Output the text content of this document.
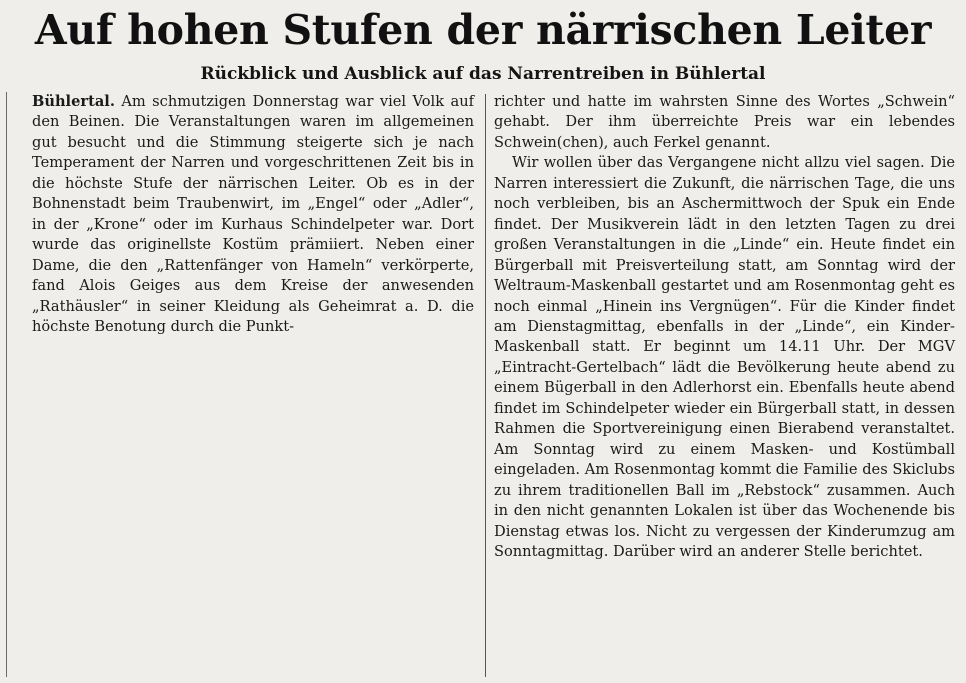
Auf hohen Stufen der närrischen Leiter
Rückblick und Ausblick auf das Narrentreiben in Bühlertal

Bühlertal. Am schmutzigen Donnerstag war viel Volk auf den Beinen. Die Veranstaltungen waren im allgemeinen gut besucht und die Stimmung steigerte sich je nach Temperament der Narren und vorgeschrittenen Zeit bis in die höchste Stufe der närrischen Leiter. Ob es in der Bohnenstadt beim Traubenwirt, im „Engel“ oder „Adler“, in der „Krone“ oder im Kurhaus Schindelpeter war. Dort wurde das originellste Kostüm prämiiert. Neben einer Dame, die den „Rattenfänger von Hameln“ verkörperte, fand Alois Geiges aus dem Kreise der anwesenden „Rathäusler“ in seiner Kleidung als Geheimrat a. D. die höchste Benotung durch die Punkt-

richter und hatte im wahrsten Sinne des Wortes „Schwein“ gehabt. Der ihm überreichte Preis war ein lebendes Schwein(chen), auch Ferkel genannt.

Wir wollen über das Vergangene nicht allzu viel sagen. Die Narren interessiert die Zukunft, die närrischen Tage, die uns noch verbleiben, bis an Aschermittwoch der Spuk ein Ende findet. Der Musikverein lädt in den letzten Tagen zu drei großen Veranstaltungen in die „Linde“ ein. Heute findet ein Bürgerball mit Preisverteilung statt, am Sonntag wird der Weltraum-Maskenball gestartet und am Rosenmontag geht es noch einmal „Hinein ins Vergnügen“. Für die Kinder findet am Dienstagmittag, ebenfalls in der „Linde“, ein Kinder-Maskenball statt. Er beginnt um 14.11 Uhr. Der MGV „Eintracht-Gertelbach“ lädt die Bevölkerung heute abend zu einem Bügerball in den Adlerhorst ein. Ebenfalls heute abend findet im Schindelpeter wieder ein Bürgerball statt, in dessen Rahmen die Sportvereinigung einen Bierabend veranstaltet. Am Sonntag wird zu einem Masken- und Kostümball eingeladen. Am Rosenmontag kommt die Familie des Skiclubs zu ihrem traditionellen Ball im „Rebstock“ zusammen. Auch in den nicht genannten Lokalen ist über das Wochenende bis Dienstag etwas los. Nicht zu vergessen der Kinderumzug am Sonntagmittag. Darüber wird an anderer Stelle berichtet.
